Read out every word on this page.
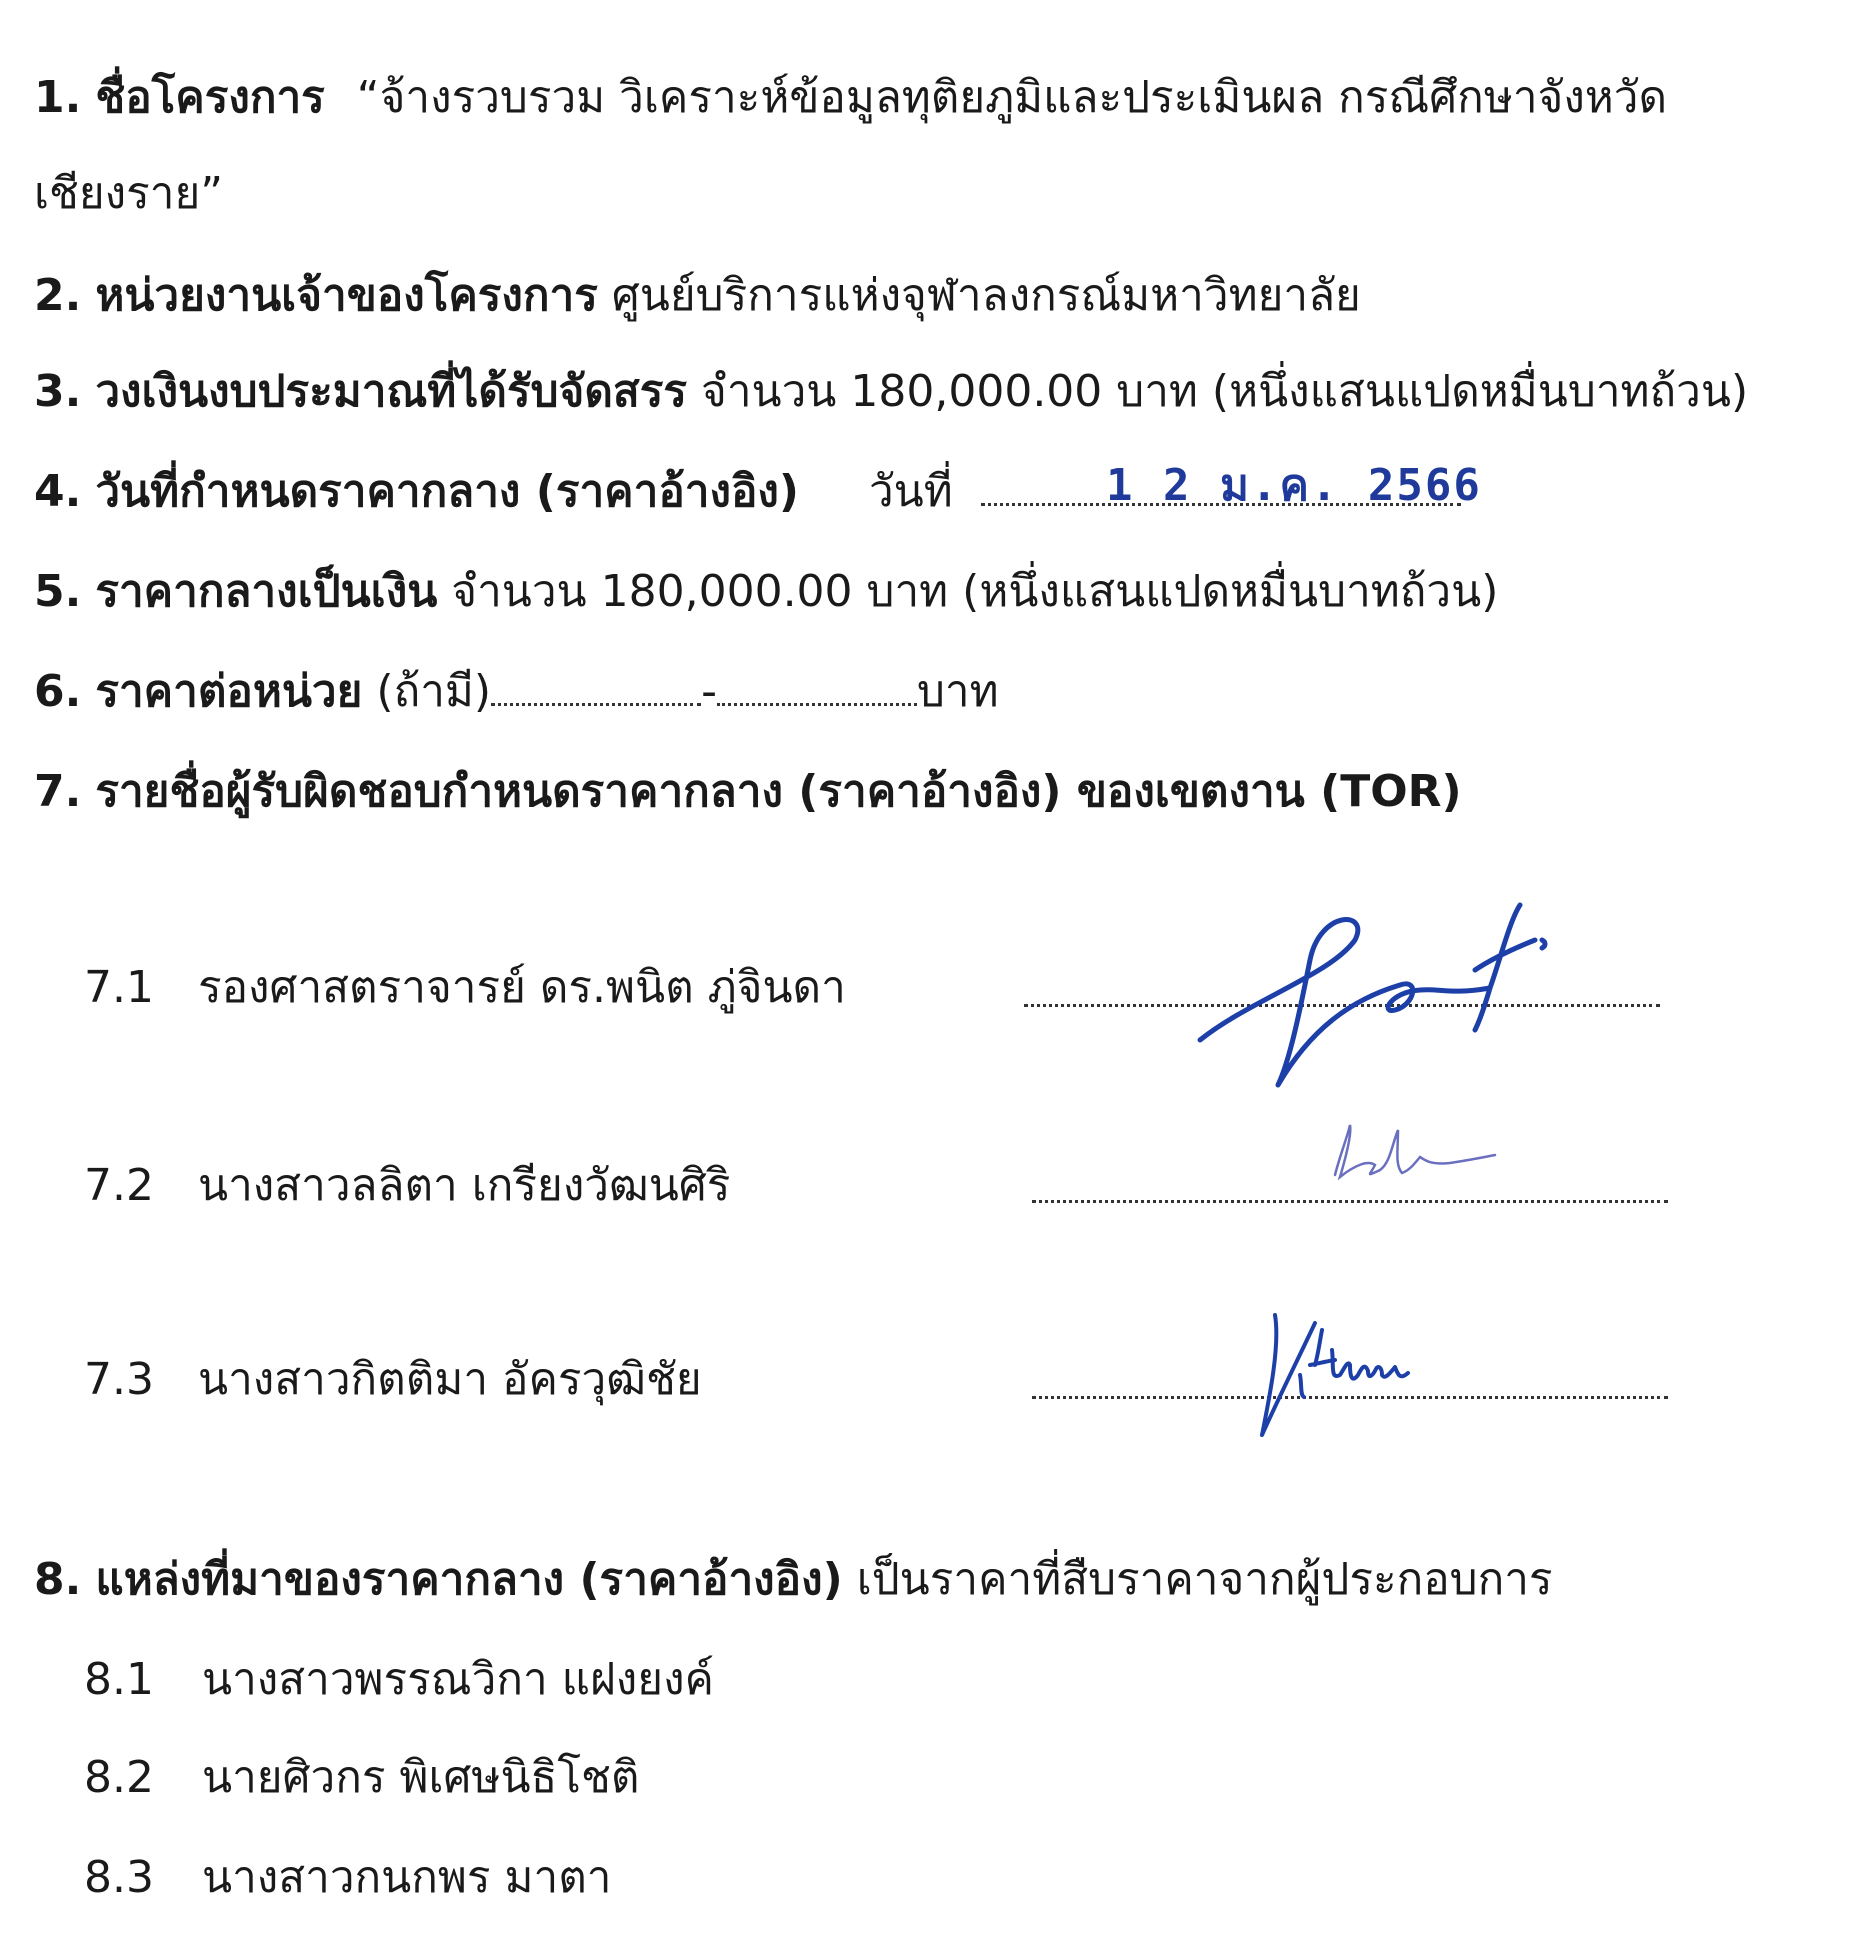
1. ชื่อโครงการ “จ้างรวบรวม วิเคราะห์ข้อมูลทุติยภูมิและประเมินผล กรณีศึกษาจังหวัด
เชียงราย”
2. หน่วยงานเจ้าของโครงการ ศูนย์บริการแห่งจุฬาลงกรณ์มหาวิทยาลัย
3. วงเงินงบประมาณที่ได้รับจัดสรร จำนวน 180,000.00 บาท (หนึ่งแสนแปดหมื่นบาทถ้วน)
4. วันที่กำหนดราคากลาง (ราคาอ้างอิง) วันที่	1 2 ม.ค. 2566
5. ราคากลางเป็นเงิน จำนวน 180,000.00 บาท (หนึ่งแสนแปดหมื่นบาทถ้วน)
6. ราคาต่อหน่วย (ถ้ามี)	-	บาท
7. รายชื่อผู้รับผิดชอบกำหนดราคากลาง (ราคาอ้างอิง) ของเขตงาน (TOR)
7.1 รองศาสตราจารย์ ดร.พนิต ภู่จินดา
7.2 นางสาวลลิตา เกรียงวัฒนศิริ
7.3 นางสาวกิตติมา อัครวุฒิชัย
8. แหล่งที่มาของราคากลาง (ราคาอ้างอิง) เป็นราคาที่สืบราคาจากผู้ประกอบการ
8.1 นางสาวพรรณวิกา แฝงยงค์
8.2 นายศิวกร พิเศษนิธิโชติ
8.3 นางสาวกนกพร มาตา
